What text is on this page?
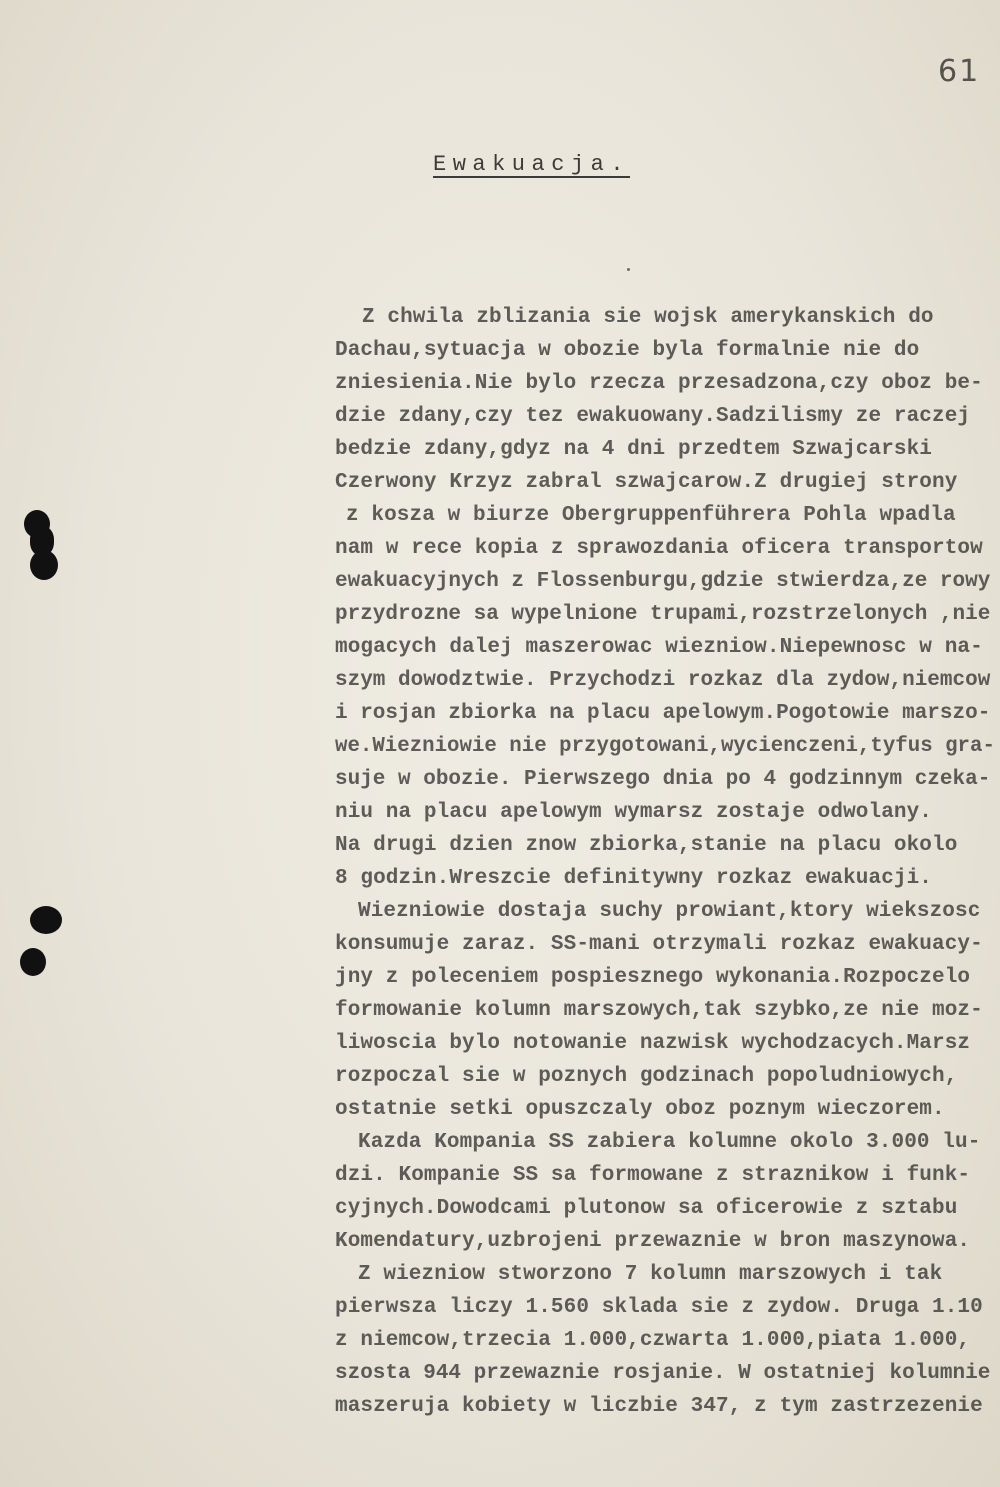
61
Ewakuacja.
Z chwila zblizania sie wojsk amerykanskich do
Dachau,sytuacja w obozie byla formalnie nie do
zniesienia.Nie bylo rzecza przesadzona,czy oboz be-
dzie zdany,czy tez ewakuowany.Sadzilismy ze raczej
bedzie zdany,gdyz na 4 dni przedtem Szwajcarski
Czerwony Krzyz zabral szwajcarow.Z drugiej strony
z kosza w biurze Obergruppenführera Pohla wpadla
nam w rece kopia z sprawozdania oficera transportow
ewakuacyjnych z Flossenburgu,gdzie stwierdza,ze rowy
przydrozne sa wypelnione trupami,rozstrzelonych ,nie
mogacych dalej maszerowac wiezniow.Niepewnosc w na-
szym dowodztwie. Przychodzi rozkaz dla zydow,niemcow
i rosjan zbiorka na placu apelowym.Pogotowie marszo-
we.Wiezniowie nie przygotowani,wycienczeni,tyfus gra-
suje w obozie. Pierwszego dnia po 4 godzinnym czeka-
niu na placu apelowym wymarsz zostaje odwolany.
Na drugi dzien znow zbiorka,stanie na placu okolo
8 godzin.Wreszcie definitywny rozkaz ewakuacji.
Wiezniowie dostaja suchy prowiant,ktory wiekszosc
konsumuje zaraz. SS-mani otrzymali rozkaz ewakuacy-
jny z poleceniem pospiesznego wykonania.Rozpoczelo
formowanie kolumn marszowych,tak szybko,ze nie moz-
liwoscia bylo notowanie nazwisk wychodzacych.Marsz
rozpoczal sie w poznych godzinach popoludniowych,
ostatnie setki opuszczaly oboz poznym wieczorem.
Kazda Kompania SS zabiera kolumne okolo 3.000 lu-
dzi. Kompanie SS sa formowane z straznikow i funk-
cyjnych.Dowodcami plutonow sa oficerowie z sztabu
Komendatury,uzbrojeni przewaznie w bron maszynowa.
Z wiezniow stworzono 7 kolumn marszowych i tak
pierwsza liczy 1.560 sklada sie z zydow. Druga 1.10
z niemcow,trzecia 1.000,czwarta 1.000,piata 1.000,
szosta 944 przewaznie rosjanie. W ostatniej kolumnie
maszeruja kobiety w liczbie 347, z tym zastrzezenie
